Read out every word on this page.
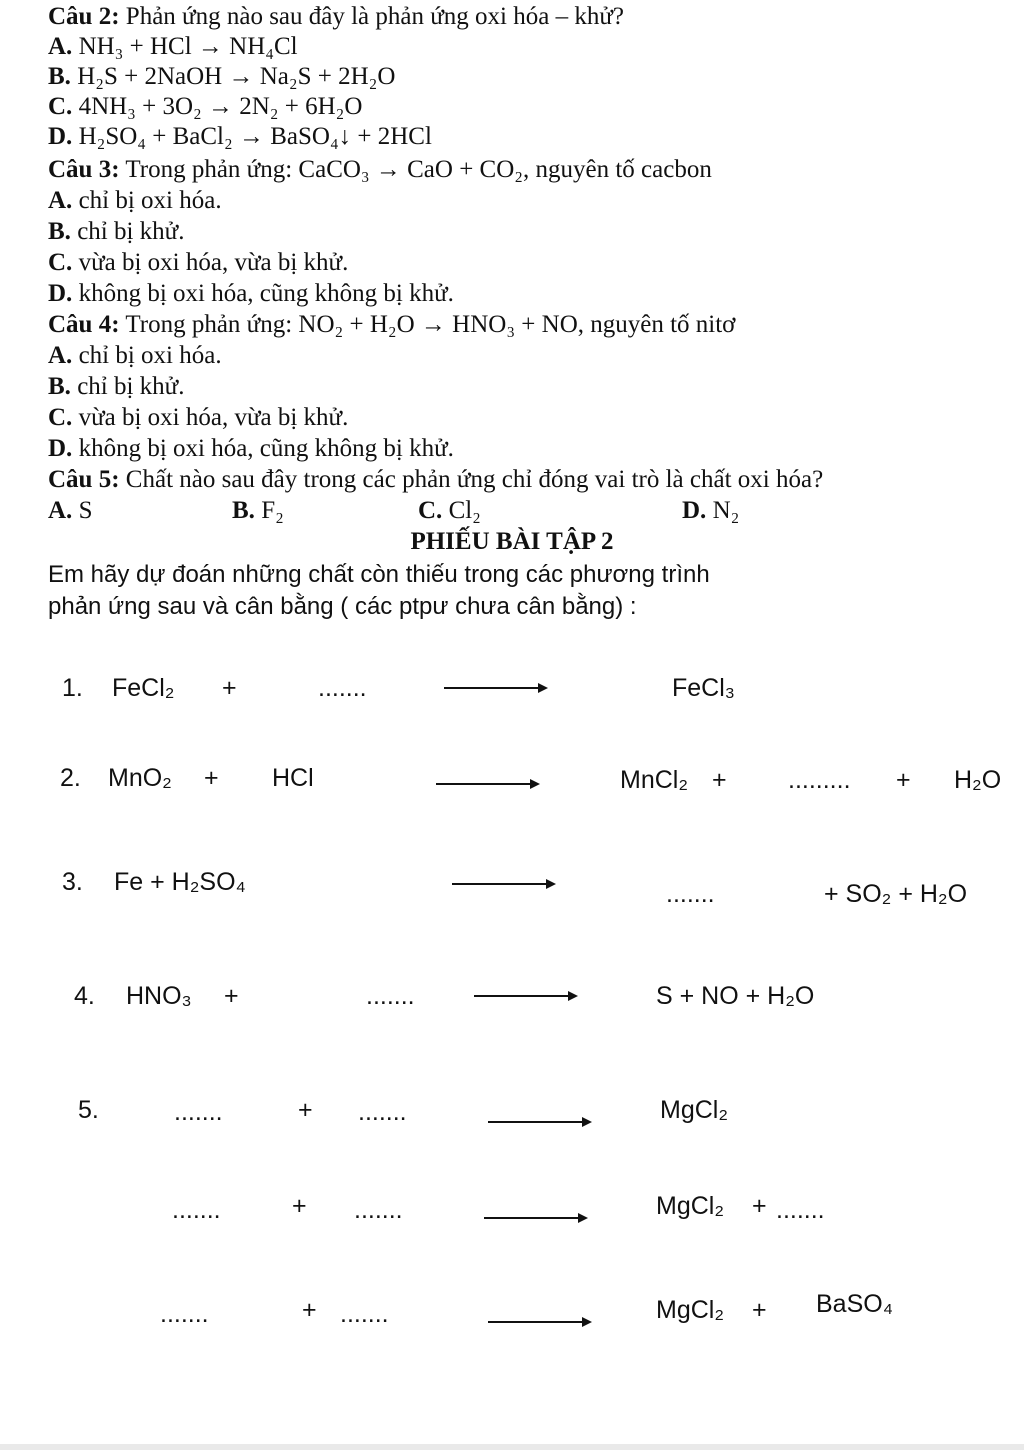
Câu 2: Phản ứng nào sau đây là phản ứng oxi hóa – khử?
A. NH₃ + HCl → NH₄Cl
B. H₂S + 2NaOH → Na₂S + 2H₂O
C. 4NH₃ + 3O₂ → 2N₂ + 6H₂O
D. H₂SO₄ + BaCl₂ → BaSO₄↓ + 2HCl
Câu 3: Trong phản ứng: CaCO₃ → CaO + CO₂, nguyên tố cacbon
A. chỉ bị oxi hóa.
B. chỉ bị khử.
C. vừa bị oxi hóa, vừa bị khử.
D. không bị oxi hóa, cũng không bị khử.
Câu 4: Trong phản ứng: NO₂ + H₂O → HNO₃ + NO, nguyên tố nitơ
A. chỉ bị oxi hóa.
B. chỉ bị khử.
C. vừa bị oxi hóa, vừa bị khử.
D. không bị oxi hóa, cũng không bị khử.
Câu 5: Chất nào sau đây trong các phản ứng chỉ đóng vai trò là chất oxi hóa?
A. S	B. F₂	C. Cl₂	D. N₂
PHIẾU BÀI TẬP 2
Em hãy dự đoán những chất còn thiếu trong các phương trình
phản ứng sau và cân bằng ( các ptpư chưa cân bằng) :
1. FeCl₂ +	.......	FeCl₃
2. MnO₂ + HCl	MnCl₂ + ......... + H₂O
3. Fe + H₂SO₄	.......	+ SO₂ + H₂O
4. HNO₃ +	.......	S + NO + H₂O
5.	.......	+ .......	MgCl₂
.......	+ .......	MgCl₂ + .......
.......	+ .......	MgCl₂ + BaSO₄
